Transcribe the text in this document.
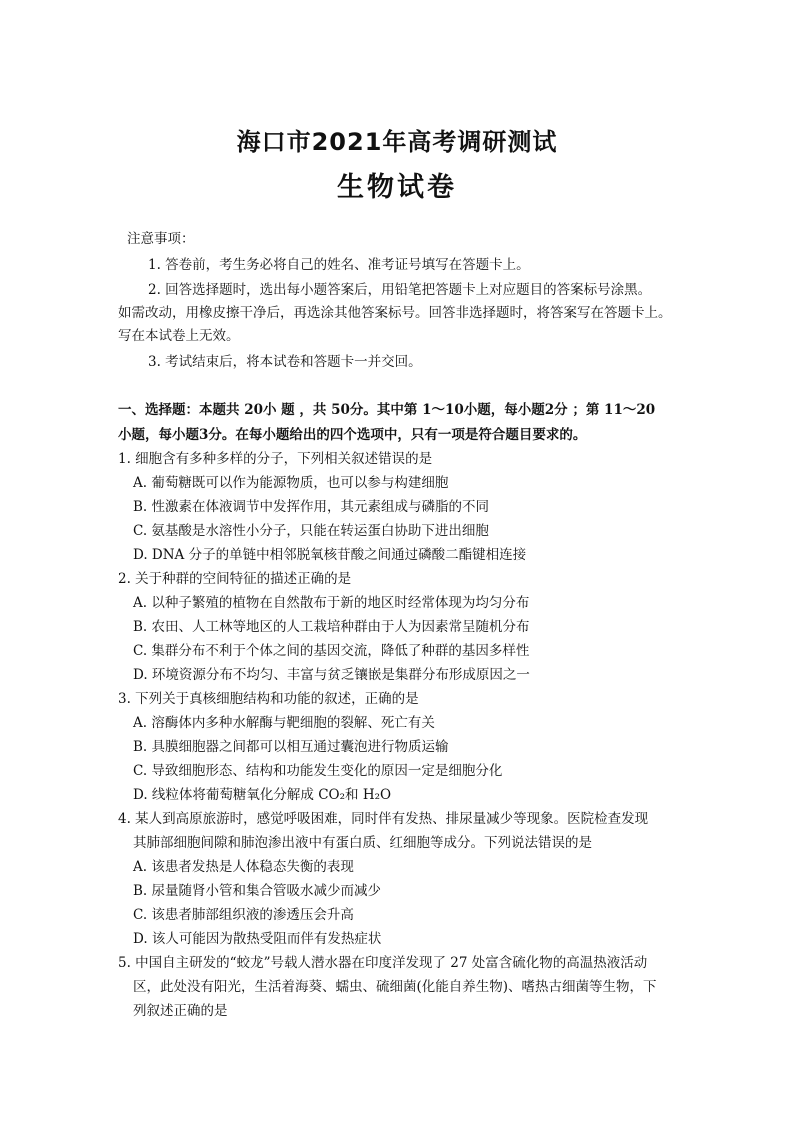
海口市2021年高考调研测试
生物试卷
注意事项：
1. 答卷前，考生务必将自己的姓名、准考证号填写在答题卡上。
2. 回答选择题时，选出每小题答案后，用铅笔把答题卡上对应题目的答案标号涂黑。
如需改动，用橡皮擦干净后，再选涂其他答案标号。回答非选择题时，将答案写在答题卡上。
写在本试卷上无效。
3. 考试结束后，将本试卷和答题卡一并交回。
一、选择题：本题共 20小 题 ，共 50分。其中第 1～10小题，每小题2分 ；第 11～20
小题，每小题3分。在每小题给出的四个选项中，只有一项是符合题目要求的。
1. 细胞含有多种多样的分子，下列相关叙述错误的是
A. 葡萄糖既可以作为能源物质，也可以参与构建细胞
B. 性激素在体液调节中发挥作用，其元素组成与磷脂的不同
C. 氨基酸是水溶性小分子，只能在转运蛋白协助下进出细胞
D. DNA 分子的单链中相邻脱氧核苷酸之间通过磷酸二酯键相连接
2. 关于种群的空间特征的描述正确的是
A. 以种子繁殖的植物在自然散布于新的地区时经常体现为均匀分布
B. 农田、人工林等地区的人工栽培种群由于人为因素常呈随机分布
C. 集群分布不利于个体之间的基因交流，降低了种群的基因多样性
D. 环境资源分布不均匀、丰富与贫乏镶嵌是集群分布形成原因之一
3. 下列关于真核细胞结构和功能的叙述，正确的是
A. 溶酶体内多种水解酶与靶细胞的裂解、死亡有关
B. 具膜细胞器之间都可以相互通过囊泡进行物质运输
C. 导致细胞形态、结构和功能发生变化的原因一定是细胞分化
D. 线粒体将葡萄糖氧化分解成 CO₂和 H₂O
4. 某人到高原旅游时，感觉呼吸困难，同时伴有发热、排尿量减少等现象。医院检查发现
其肺部细胞间隙和肺泡渗出液中有蛋白质、红细胞等成分。下列说法错误的是
A. 该患者发热是人体稳态失衡的表现
B. 尿量随肾小管和集合管吸水减少而减少
C. 该患者肺部组织液的渗透压会升高
D. 该人可能因为散热受阻而伴有发热症状
5. 中国自主研发的“蛟龙”号载人潜水器在印度洋发现了 27 处富含硫化物的高温热液活动
区，此处没有阳光，生活着海葵、蠕虫、硫细菌(化能自养生物)、嗜热古细菌等生物，下
列叙述正确的是
